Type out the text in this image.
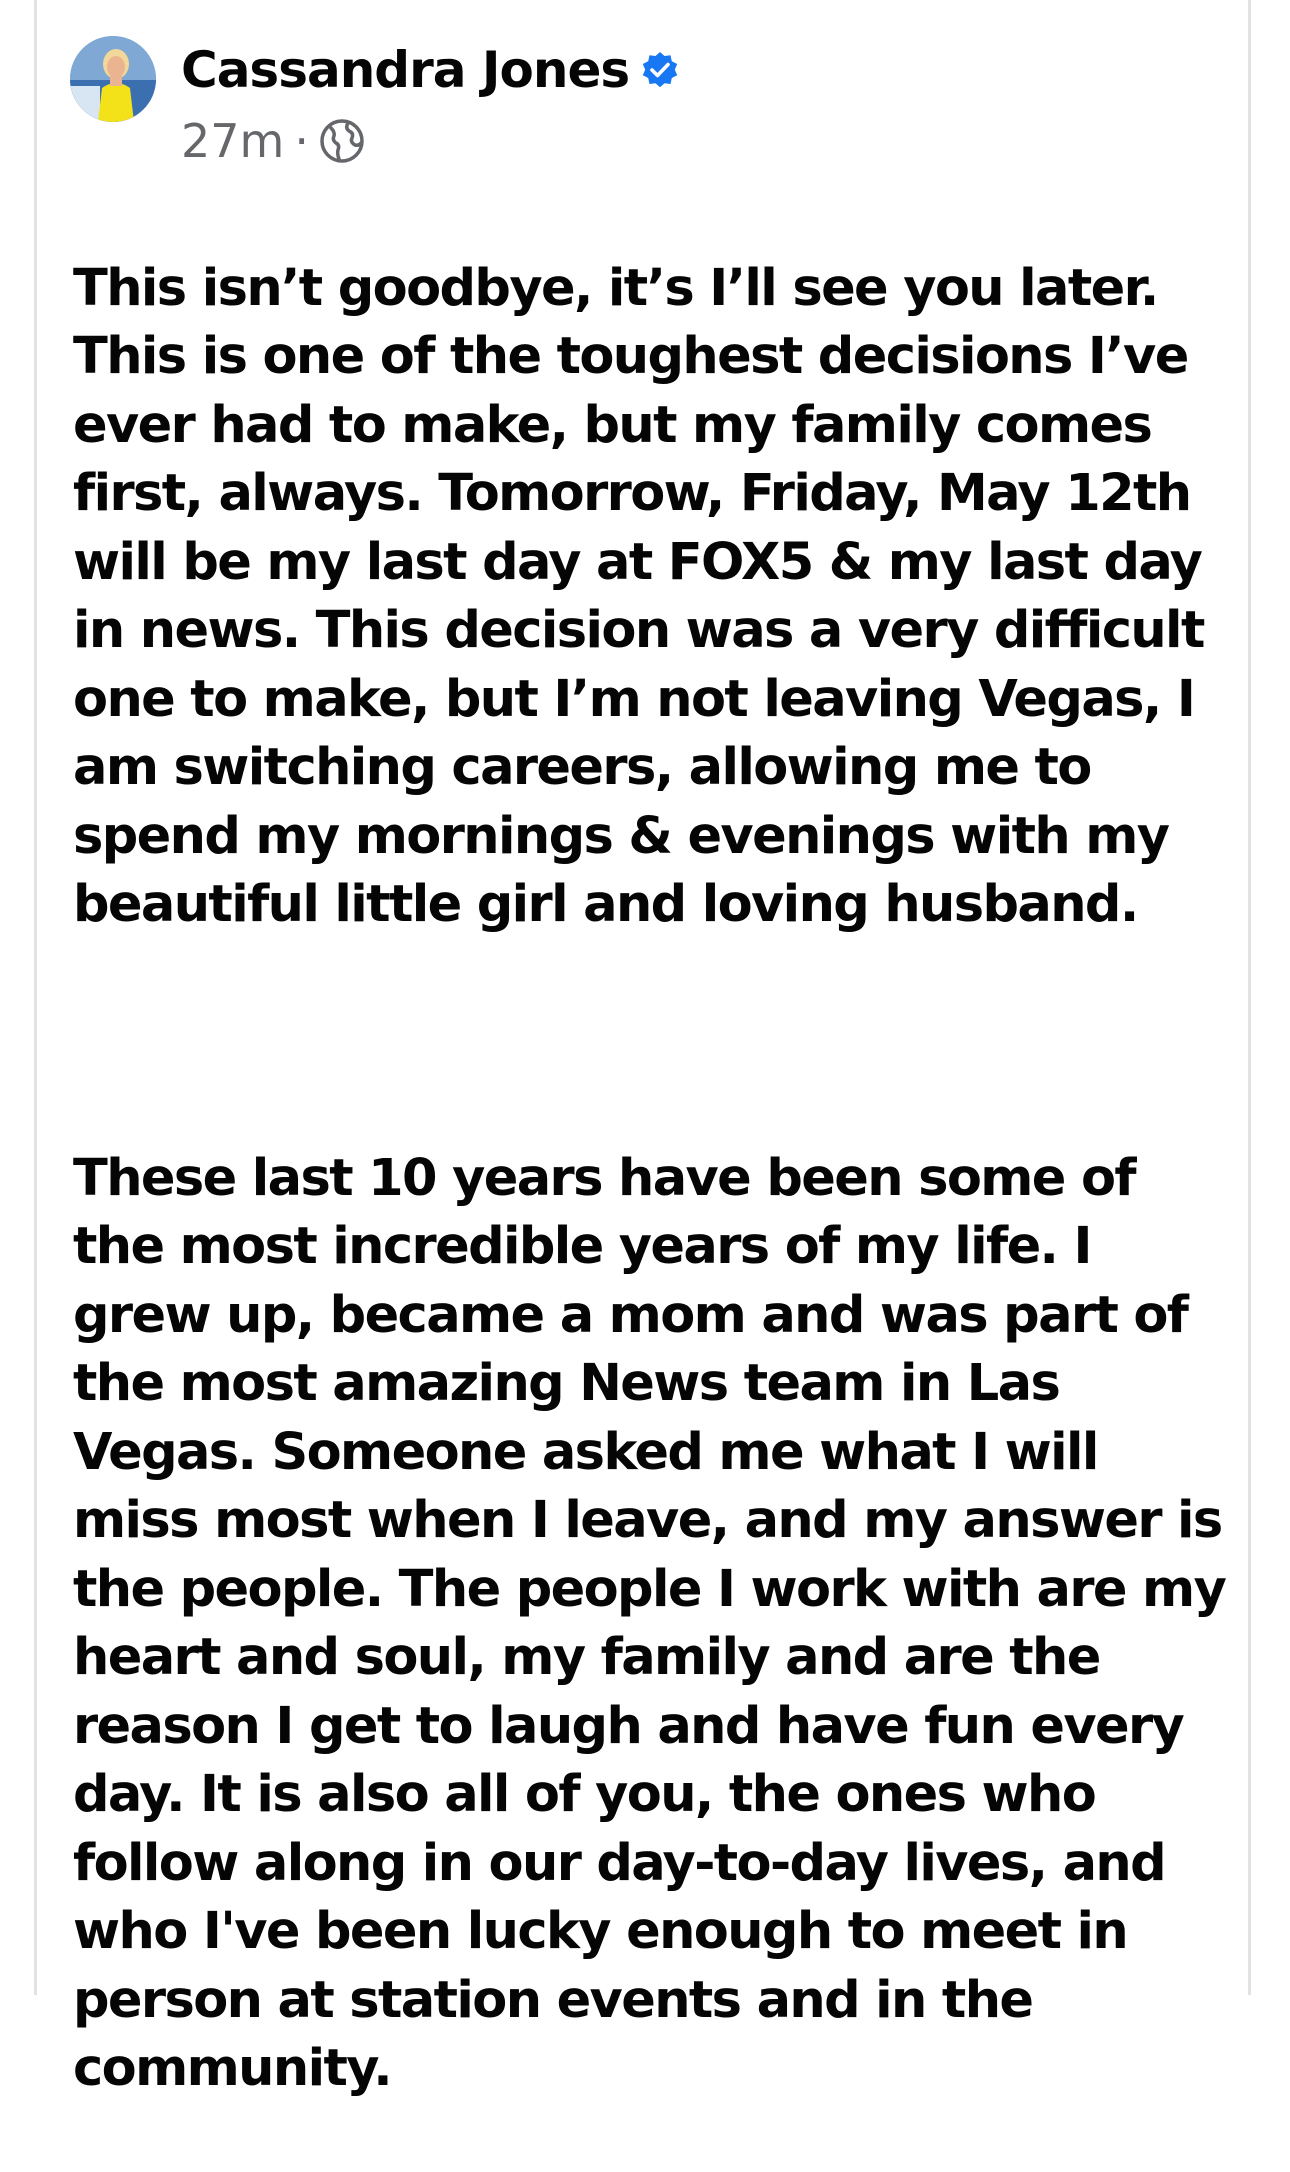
Cassandra Jones
27m ·

This isn’t goodbye, it’s I’ll see you later.
This is one of the toughest decisions I’ve
ever had to make, but my family comes
first, always. Tomorrow, Friday, May 12th
will be my last day at FOX5 & my last day
in news. This decision was a very difficult
one to make, but I’m not leaving Vegas, I
am switching careers, allowing me to
spend my mornings & evenings with my
beautiful little girl and loving husband.

These last 10 years have been some of
the most incredible years of my life. I
grew up, became a mom and was part of
the most amazing News team in Las
Vegas. Someone asked me what I will
miss most when I leave, and my answer is
the people. The people I work with are my
heart and soul, my family and are the
reason I get to laugh and have fun every
day. It is also all of you, the ones who
follow along in our day-to-day lives, and
who I've been lucky enough to meet in
person at station events and in the
community.
